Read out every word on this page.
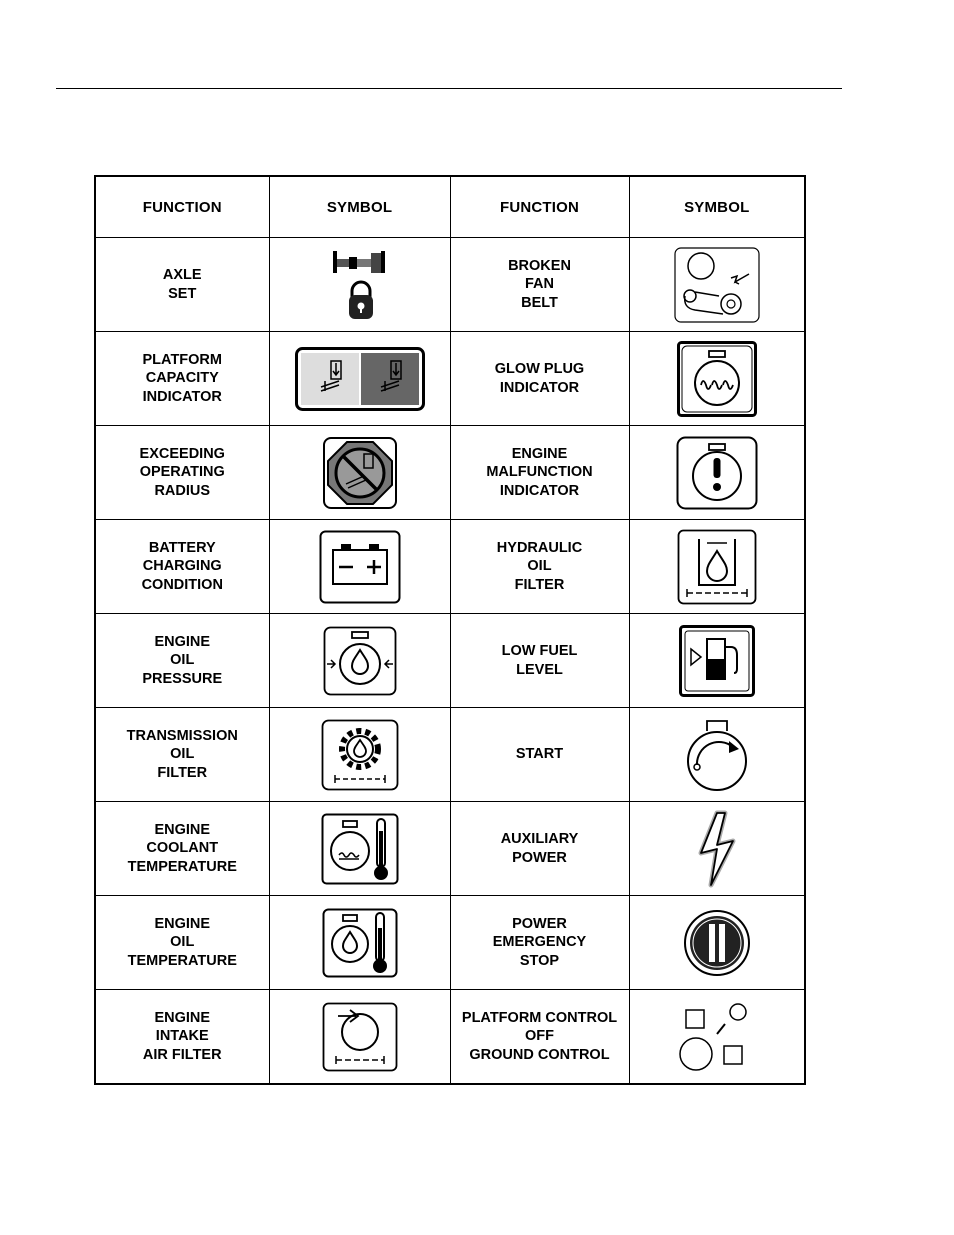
FUNCTION	SYMBOL	FUNCTION	SYMBOL
AXLE
SET		BROKEN
FAN
BELT	

PLATFORM
CAPACITY
INDICATOR		GLOW PLUG
INDICATOR	

EXCEEDING
OPERATING
RADIUS		ENGINE
MALFUNCTION
INDICATOR	

BATTERY
CHARGING
CONDITION		HYDRAULIC
OIL
FILTER	

ENGINE
OIL
PRESSURE		LOW FUEL
LEVEL	

TRANSMISSION
OIL
FILTER		START	

ENGINE
COOLANT
TEMPERATURE		AUXILIARY
POWER	

ENGINE
OIL
TEMPERATURE		POWER
EMERGENCY
STOP	

ENGINE
INTAKE
AIR FILTER		PLATFORM CONTROL
OFF
GROUND CONTROL	
